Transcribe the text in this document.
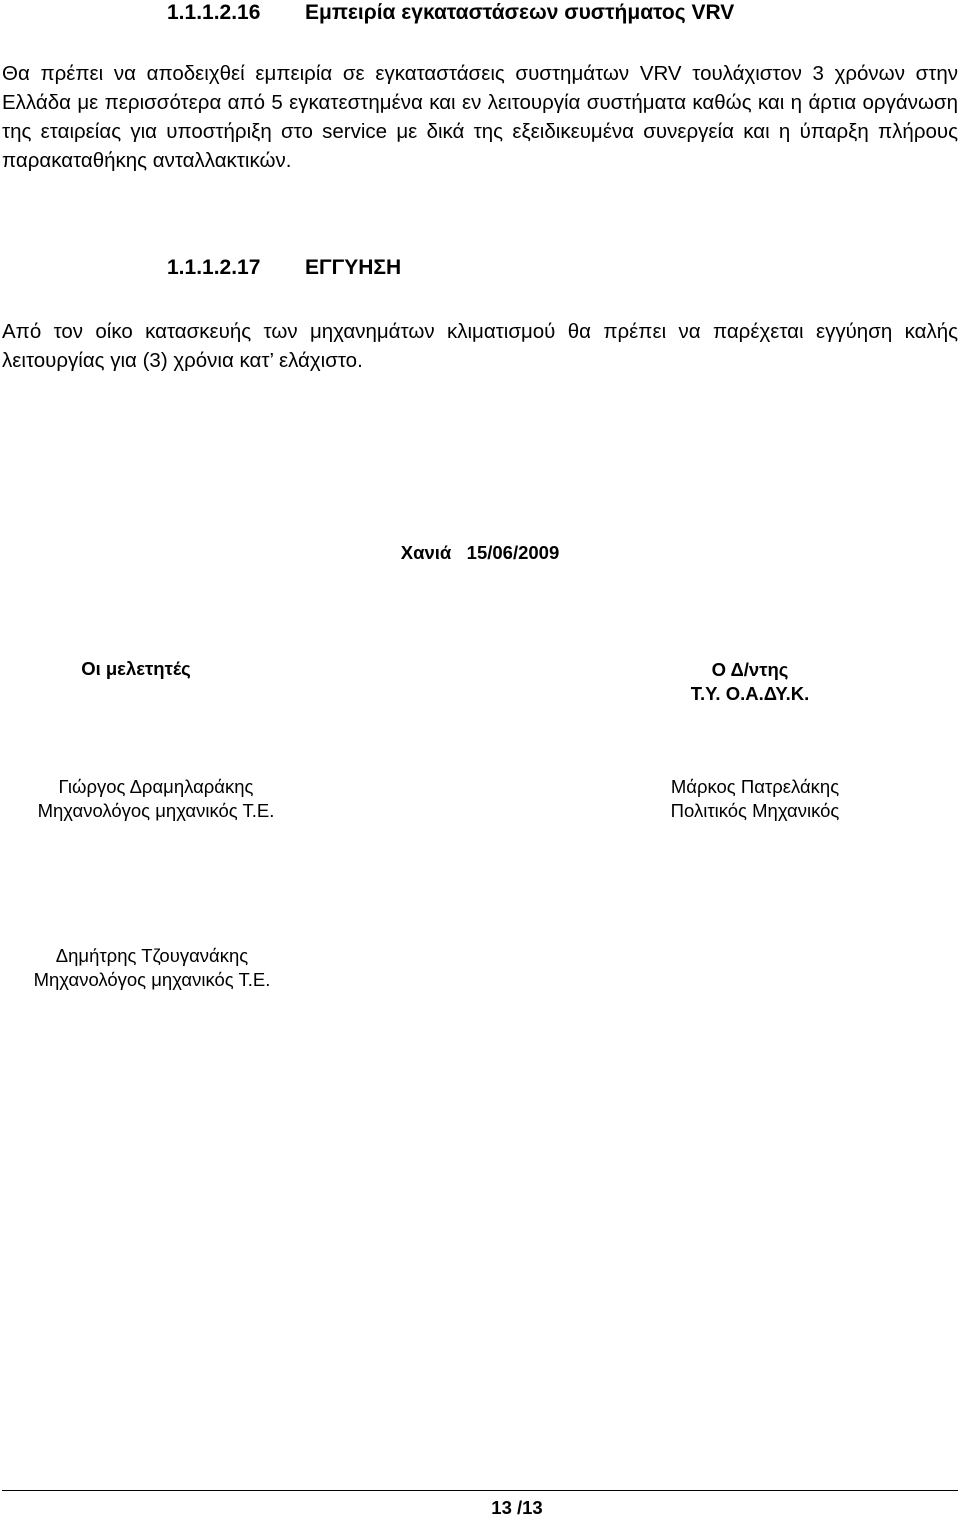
1.1.1.2.16 Εμπειρία εγκαταστάσεων συστήματος VRV
Θα πρέπει να αποδειχθεί εμπειρία σε εγκαταστάσεις συστημάτων VRV τουλάχιστον 3 χρόνων στην Ελλάδα με περισσότερα από 5 εγκατεστημένα και εν λειτουργία συστήματα καθώς και η άρτια οργάνωση της εταιρείας για υποστήριξη στο service με δικά της εξειδικευμένα συνεργεία και η ύπαρξη πλήρους παρακαταθήκης ανταλλακτικών.
1.1.1.2.17 ΕΓΓΥΗΣΗ
Από τον οίκο κατασκευής των μηχανημάτων κλιματισμού θα πρέπει να παρέχεται εγγύηση καλής λειτουργίας για (3) χρόνια κατ’ ελάχιστο.
Χανιά 15/06/2009
Οι μελετητές	Ο Δ/ντης
Τ.Υ. Ο.Α.ΔΥ.Κ.
Γιώργος Δραμηλαράκης
Μηχανολόγος μηχανικός Τ.Ε.
Μάρκος Πατρελάκης
Πολιτικός Μηχανικός
Δημήτρης Τζουγανάκης
Μηχανολόγος μηχανικός Τ.Ε.
13 /13
